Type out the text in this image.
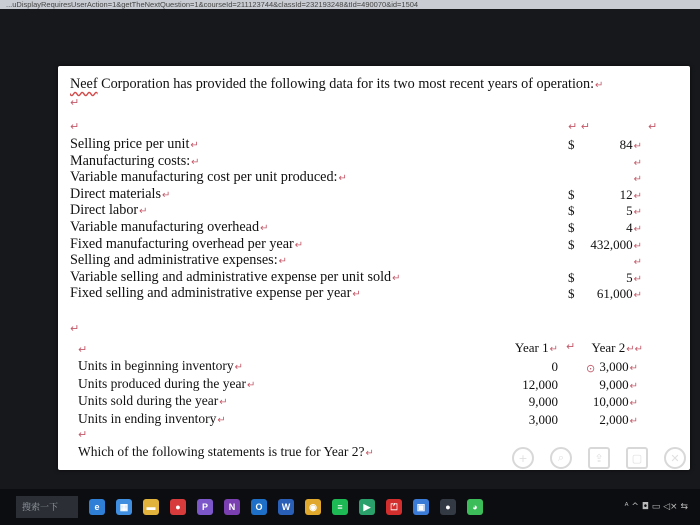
...uDisplayRequiresUserAction=1&getTheNextQuestion=1&courseId=211123744&classId=232193248&tId=490070&id=1504
Neef Corporation has provided the following data for its two most recent years of operation:↵
↵
↵	↵ ↵	↵
Selling price per unit↵	$	84↵
Manufacturing costs:↵	↵
Variable manufacturing cost per unit produced:↵	↵
Direct materials↵	$	12↵
Direct labor↵	$	5↵
Variable manufacturing overhead↵	$	4↵
Fixed manufacturing overhead per year↵	$	432,000↵
Selling and administrative expenses:↵	↵
Variable selling and administrative expense per unit sold↵	$	5↵
Fixed selling and administrative expense per year↵	$	61,000↵
↵
Year 1↵ ↵	Year 2↵↵
↵
Units in beginning inventory↵	0	3,000↵
Units produced during the year↵	12,000	9,000↵
Units sold during the year↵	9,000	10,000↵
Units in ending inventory↵	3,000	2,000↵
⊙
↵
Which of the following statements is true for Year 2?↵	+	⌕	⇪	▢	✕
搜索一下	e	▦	▬	●	P	N	O	W	◉	≡	▶	⏍	▣	●	◕	ᴬ ^ ◘ ▭ ◁× ⇆
